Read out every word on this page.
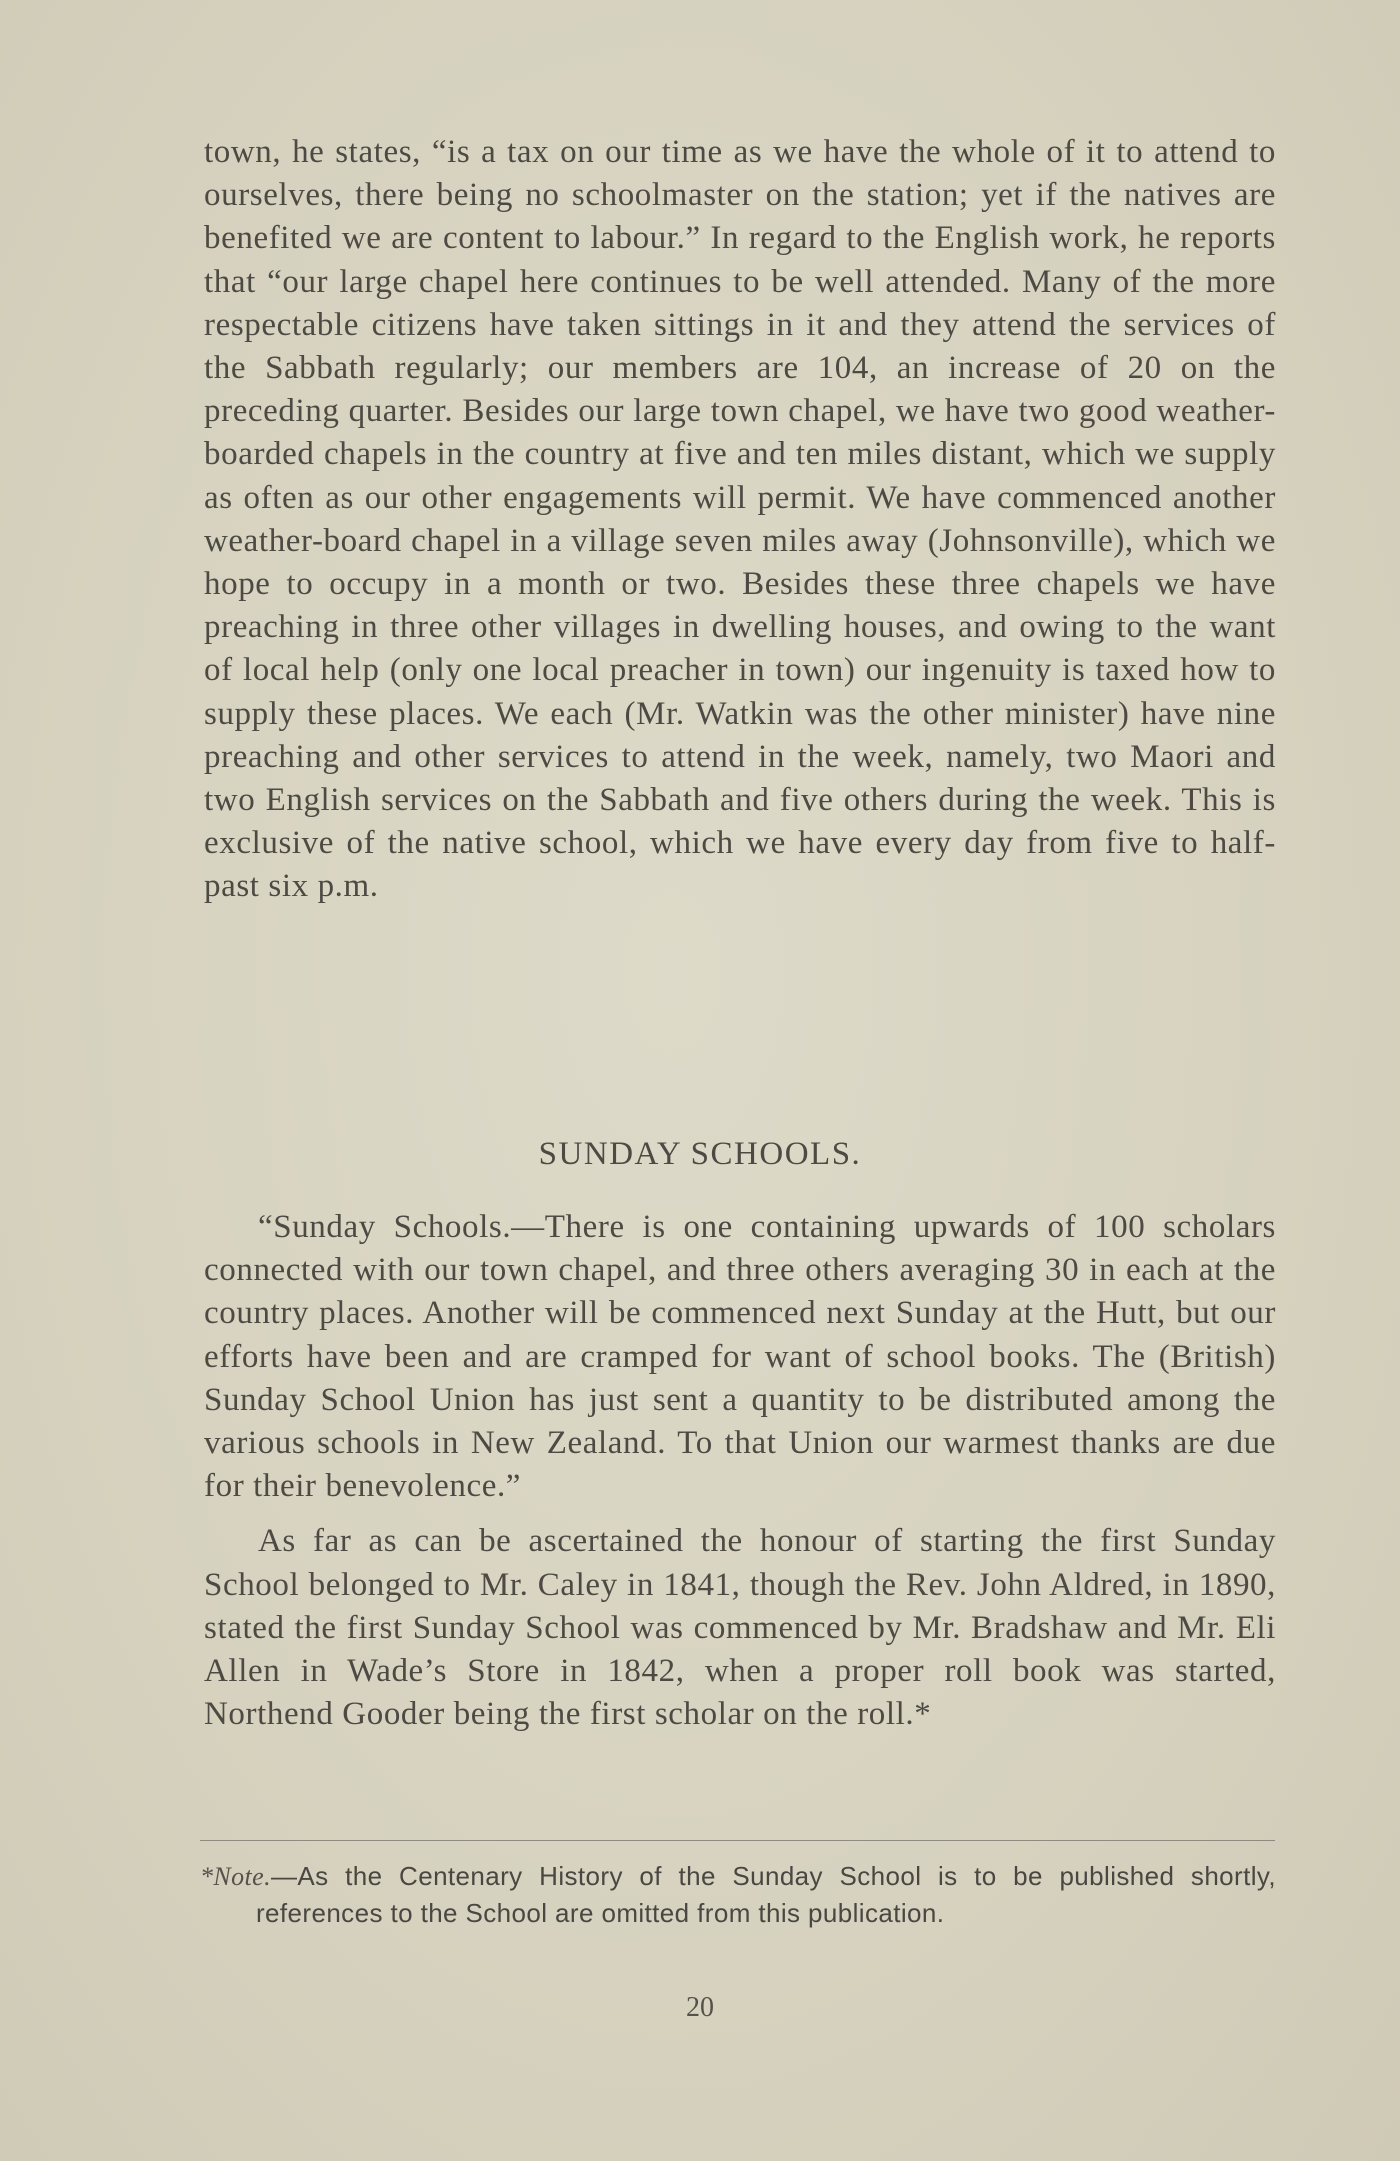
town, he states, “is a tax on our time as we have the whole of it to attend to ourselves, there being no schoolmaster on the station; yet if the natives are benefited we are content to labour.” In regard to the English work, he reports that “our large chapel here continues to be well attended. Many of the more respectable citizens have taken sittings in it and they attend the services of the Sabbath regularly; our members are 104, an increase of 20 on the preceding quarter. Besides our large town chapel, we have two good weather-boarded chapels in the country at five and ten miles distant, which we supply as often as our other engagements will permit. We have commenced another weather-board chapel in a village seven miles away (Johnsonville), which we hope to occupy in a month or two. Besides these three chapels we have preaching in three other villages in dwelling houses, and owing to the want of local help (only one local preacher in town) our ingenuity is taxed how to supply these places. We each (Mr. Watkin was the other minister) have nine preaching and other services to attend in the week, namely, two Maori and two English services on the Sabbath and five others during the week. This is exclusive of the native school, which we have every day from five to half-past six p.m.

SUNDAY SCHOOLS.

“Sunday Schools.—There is one containing upwards of 100 scholars connected with our town chapel, and three others averaging 30 in each at the country places. Another will be commenced next Sunday at the Hutt, but our efforts have been and are cramped for want of school books. The (British) Sunday School Union has just sent a quantity to be distributed among the various schools in New Zealand. To that Union our warmest thanks are due for their benevolence.”

As far as can be ascertained the honour of starting the first Sunday School belonged to Mr. Caley in 1841, though the Rev. John Aldred, in 1890, stated the first Sunday School was commenced by Mr. Bradshaw and Mr. Eli Allen in Wade’s Store in 1842, when a proper roll book was started, Northend Gooder being the first scholar on the roll.*

*Note.—As the Centenary History of the Sunday School is to be published shortly, references to the School are omitted from this publication.

20
